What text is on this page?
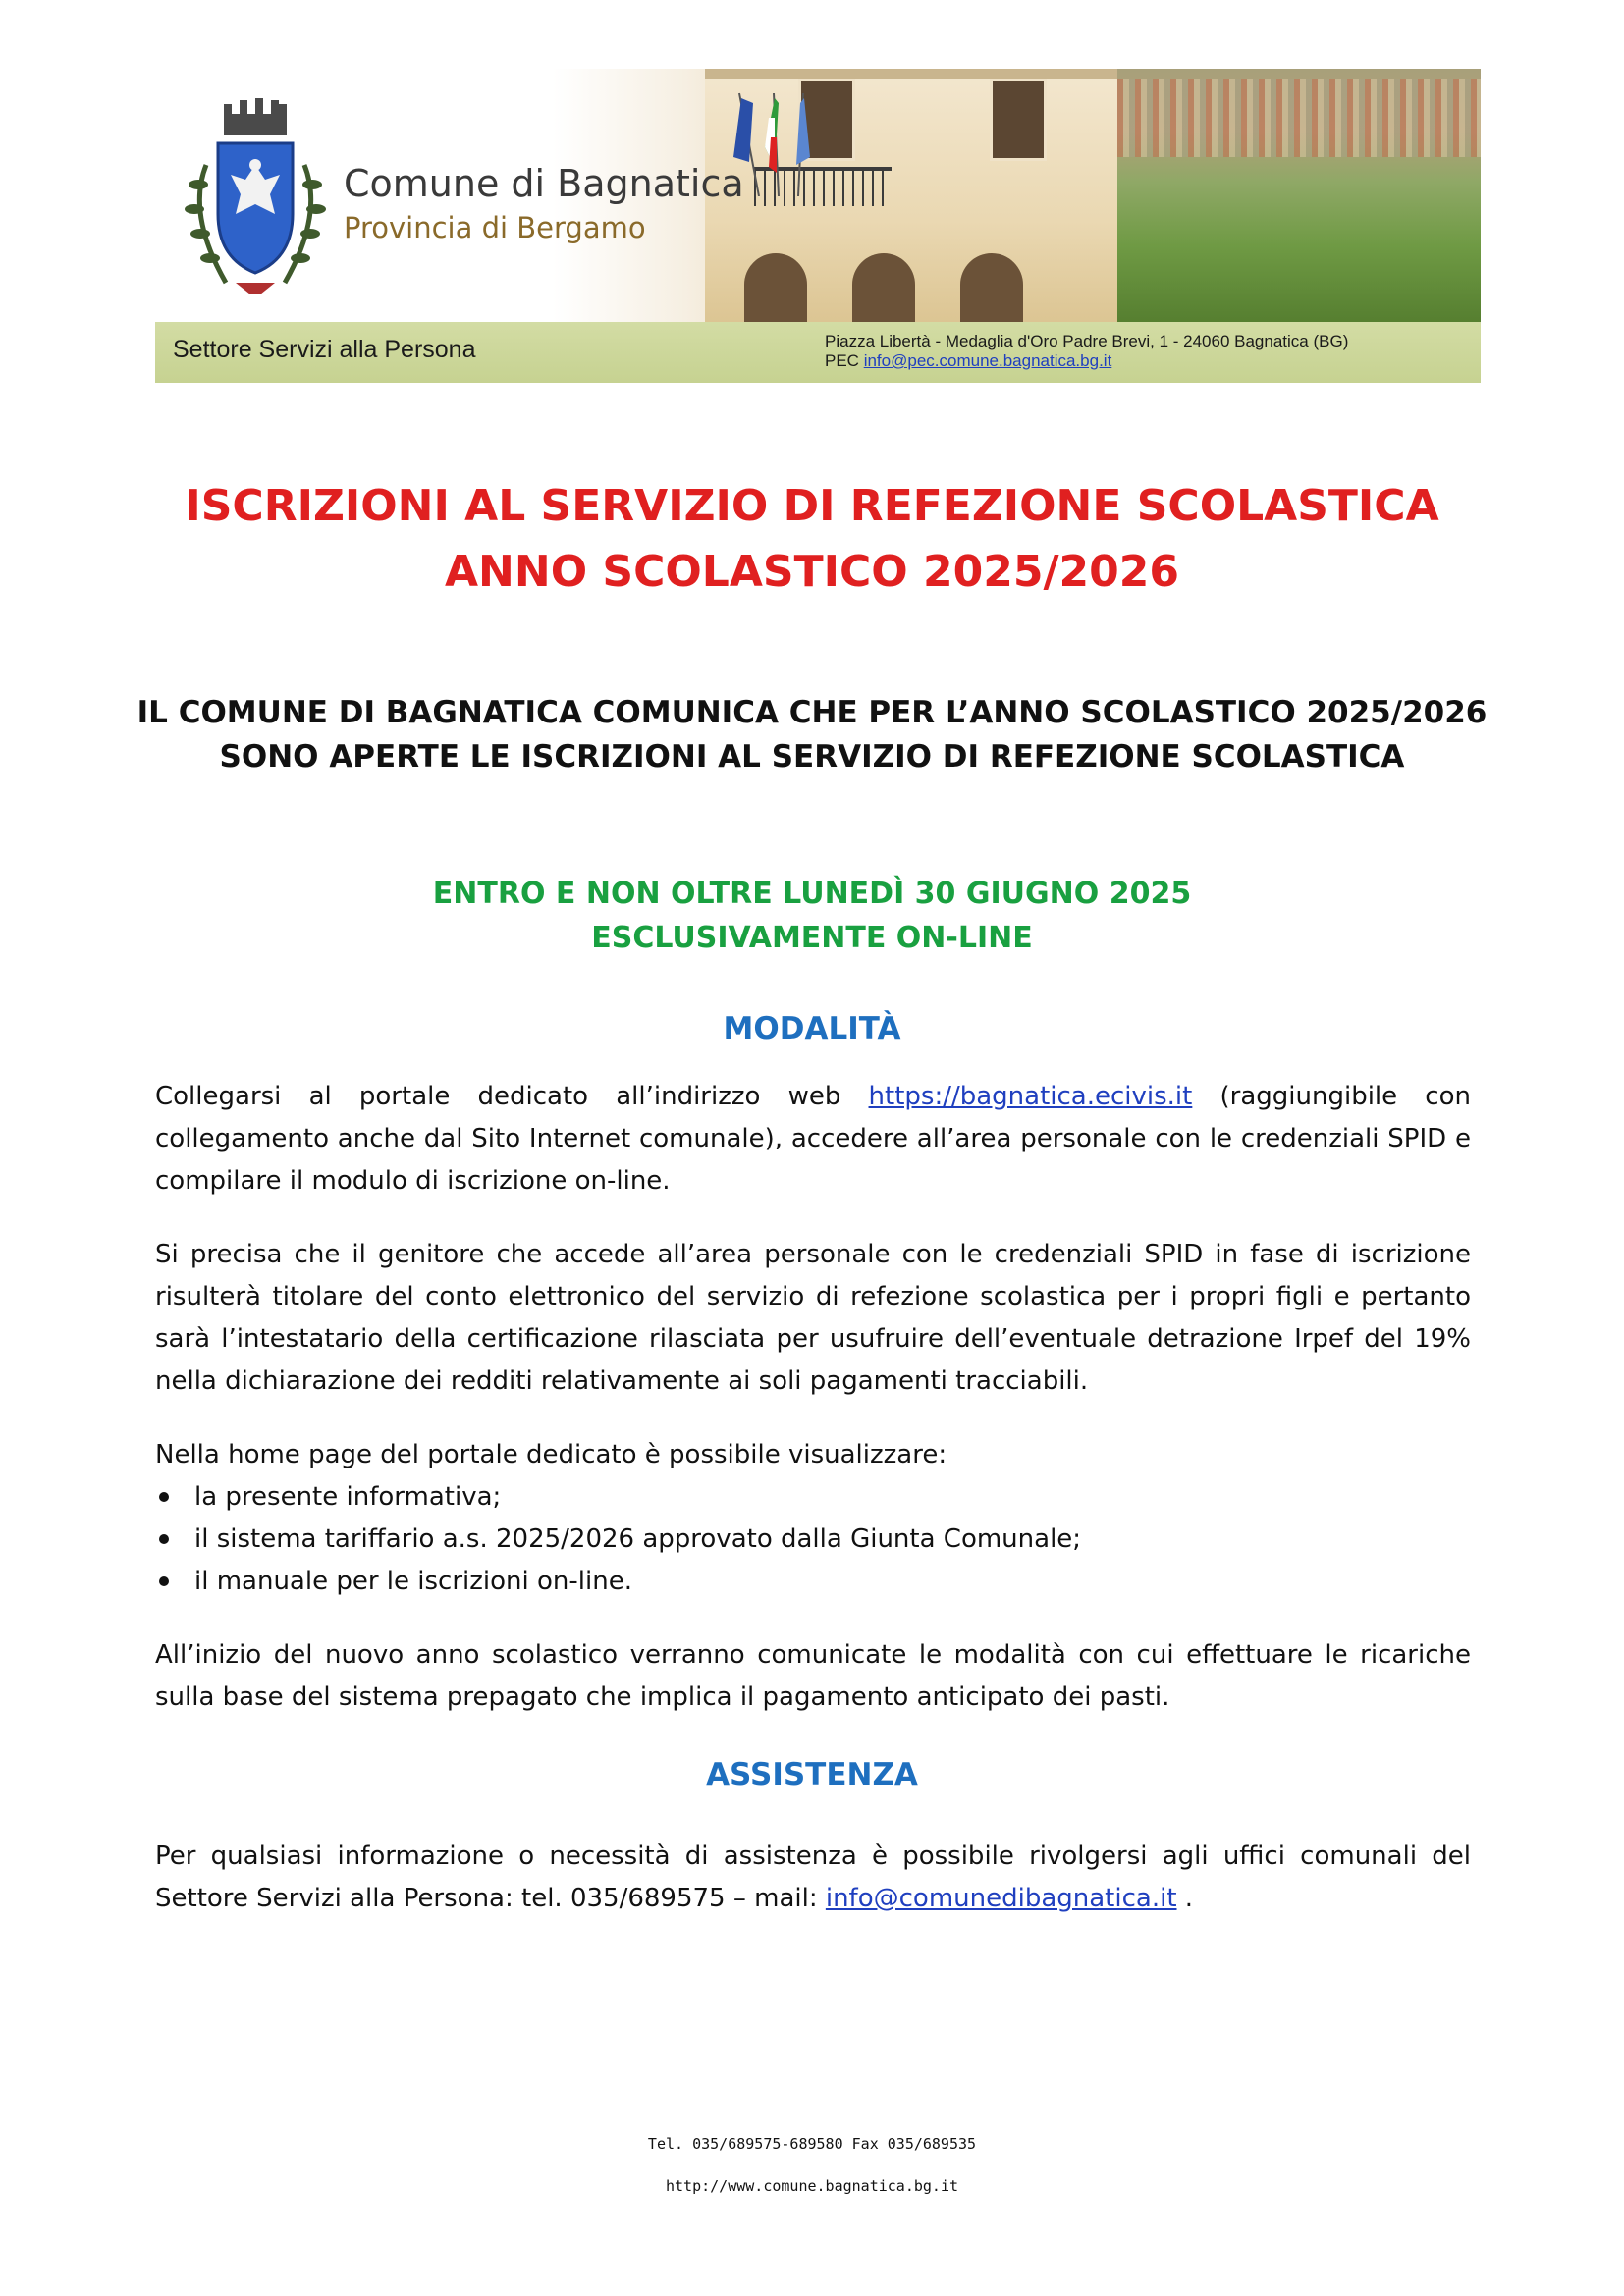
Comune di Bagnatica
Provincia di Bergamo
Settore Servizi alla Persona	Piazza Libertà - Medaglia d'Oro Padre Brevi, 1 - 24060 Bagnatica (BG)
PEC info@pec.comune.bagnatica.bg.it
ISCRIZIONI AL SERVIZIO DI REFEZIONE SCOLASTICA
ANNO SCOLASTICO 2025/2026
IL COMUNE DI BAGNATICA COMUNICA CHE PER L’ANNO SCOLASTICO 2025/2026
SONO APERTE LE ISCRIZIONI AL SERVIZIO DI REFEZIONE SCOLASTICA
ENTRO E NON OLTRE LUNEDÌ 30 GIUGNO 2025
ESCLUSIVAMENTE ON-LINE
MODALITÀ
Collegarsi al portale dedicato all’indirizzo web https://bagnatica.ecivis.it (raggiungibile con collegamento anche dal Sito Internet comunale), accedere all’area personale con le credenziali SPID e compilare il modulo di iscrizione on-line.
Si precisa che il genitore che accede all’area personale con le credenziali SPID in fase di iscrizione risulterà titolare del conto elettronico del servizio di refezione scolastica per i propri figli e pertanto sarà l’intestatario della certificazione rilasciata per usufruire dell’eventuale detrazione Irpef del 19% nella dichiarazione dei redditi relativamente ai soli pagamenti tracciabili.
Nella home page del portale dedicato è possibile visualizzare:
la presente informativa;
il sistema tariffario a.s. 2025/2026 approvato dalla Giunta Comunale;
il manuale per le iscrizioni on-line.
All’inizio del nuovo anno scolastico verranno comunicate le modalità con cui effettuare le ricariche sulla base del sistema prepagato che implica il pagamento anticipato dei pasti.
ASSISTENZA
Per qualsiasi informazione o necessità di assistenza è possibile rivolgersi agli uffici comunali del Settore Servizi alla Persona: tel. 035/689575 – mail: info@comunedibagnatica.it .
Tel. 035/689575-689580 Fax 035/689535
http://www.comune.bagnatica.bg.it
